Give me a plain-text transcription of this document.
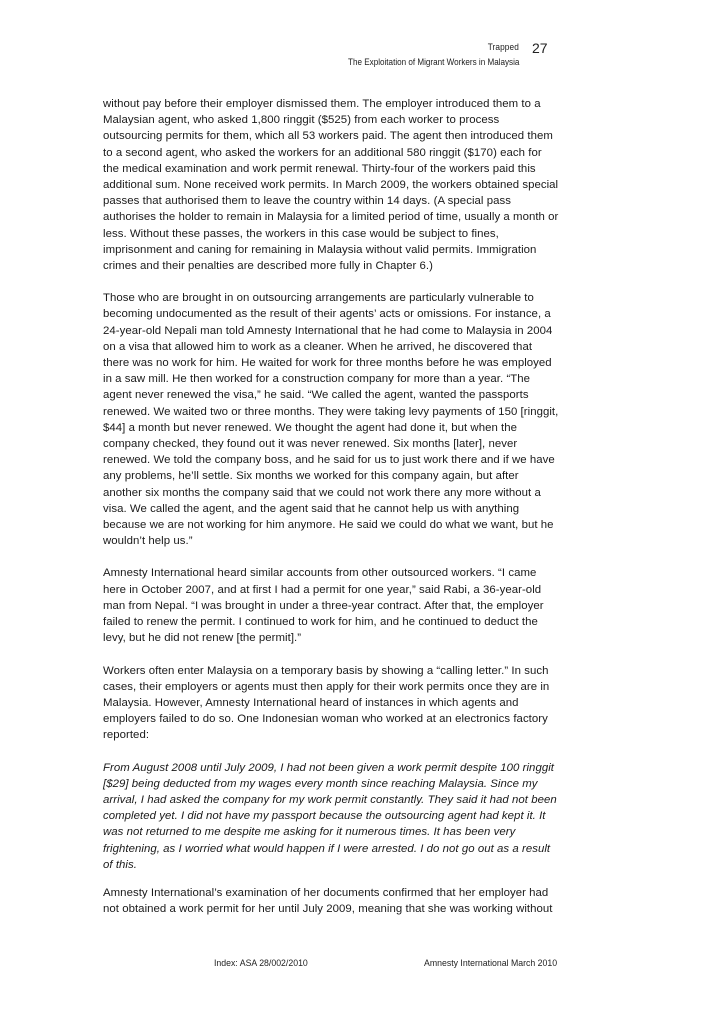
Trapped
The Exploitation of Migrant Workers in Malaysia
27

without pay before their employer dismissed them. The employer introduced them to a Malaysian agent, who asked 1,800 ringgit ($525) from each worker to process outsourcing permits for them, which all 53 workers paid. The agent then introduced them to a second agent, who asked the workers for an additional 580 ringgit ($170) each for the medical examination and work permit renewal. Thirty-four of the workers paid this additional sum. None received work permits. In March 2009, the workers obtained special passes that authorised them to leave the country within 14 days. (A special pass authorises the holder to remain in Malaysia for a limited period of time, usually a month or less. Without these passes, the workers in this case would be subject to fines, imprisonment and caning for remaining in Malaysia without valid permits. Immigration crimes and their penalties are described more fully in Chapter 6.)

Those who are brought in on outsourcing arrangements are particularly vulnerable to becoming undocumented as the result of their agents’ acts or omissions. For instance, a 24-year-old Nepali man told Amnesty International that he had come to Malaysia in 2004 on a visa that allowed him to work as a cleaner. When he arrived, he discovered that there was no work for him. He waited for work for three months before he was employed in a saw mill. He then worked for a construction company for more than a year. “The agent never renewed the visa,” he said. “We called the agent, wanted the passports renewed. We waited two or three months. They were taking levy payments of 150 [ringgit, $44] a month but never renewed. We thought the agent had done it, but when the company checked, they found out it was never renewed. Six months [later], never renewed. We told the company boss, and he said for us to just work there and if we have any problems, he’ll settle. Six months we worked for this company again, but after another six months the company said that we could not work there any more without a visa. We called the agent, and the agent said that he cannot help us with anything because we are not working for him anymore. He said we could do what we want, but he wouldn’t help us.”

Amnesty International heard similar accounts from other outsourced workers. “I came here in October 2007, and at first I had a permit for one year,” said Rabi, a 36-year-old man from Nepal. “I was brought in under a three-year contract. After that, the employer failed to renew the permit. I continued to work for him, and he continued to deduct the levy, but he did not renew [the permit].”

Workers often enter Malaysia on a temporary basis by showing a “calling letter.” In such cases, their employers or agents must then apply for their work permits once they are in Malaysia. However, Amnesty International heard of instances in which agents and employers failed to do so. One Indonesian woman who worked at an electronics factory reported:

From August 2008 until July 2009, I had not been given a work permit despite 100 ringgit [$29] being deducted from my wages every month since reaching Malaysia. Since my arrival, I had asked the company for my work permit constantly. They said it had not been completed yet. I did not have my passport because the outsourcing agent had kept it. It was not returned to me despite me asking for it numerous times. It has been very frightening, as I worried what would happen if I were arrested. I do not go out as a result of this.

Amnesty International’s examination of her documents confirmed that her employer had not obtained a work permit for her until July 2009, meaning that she was working without

Index: ASA 28/002/2010	Amnesty International March 2010
